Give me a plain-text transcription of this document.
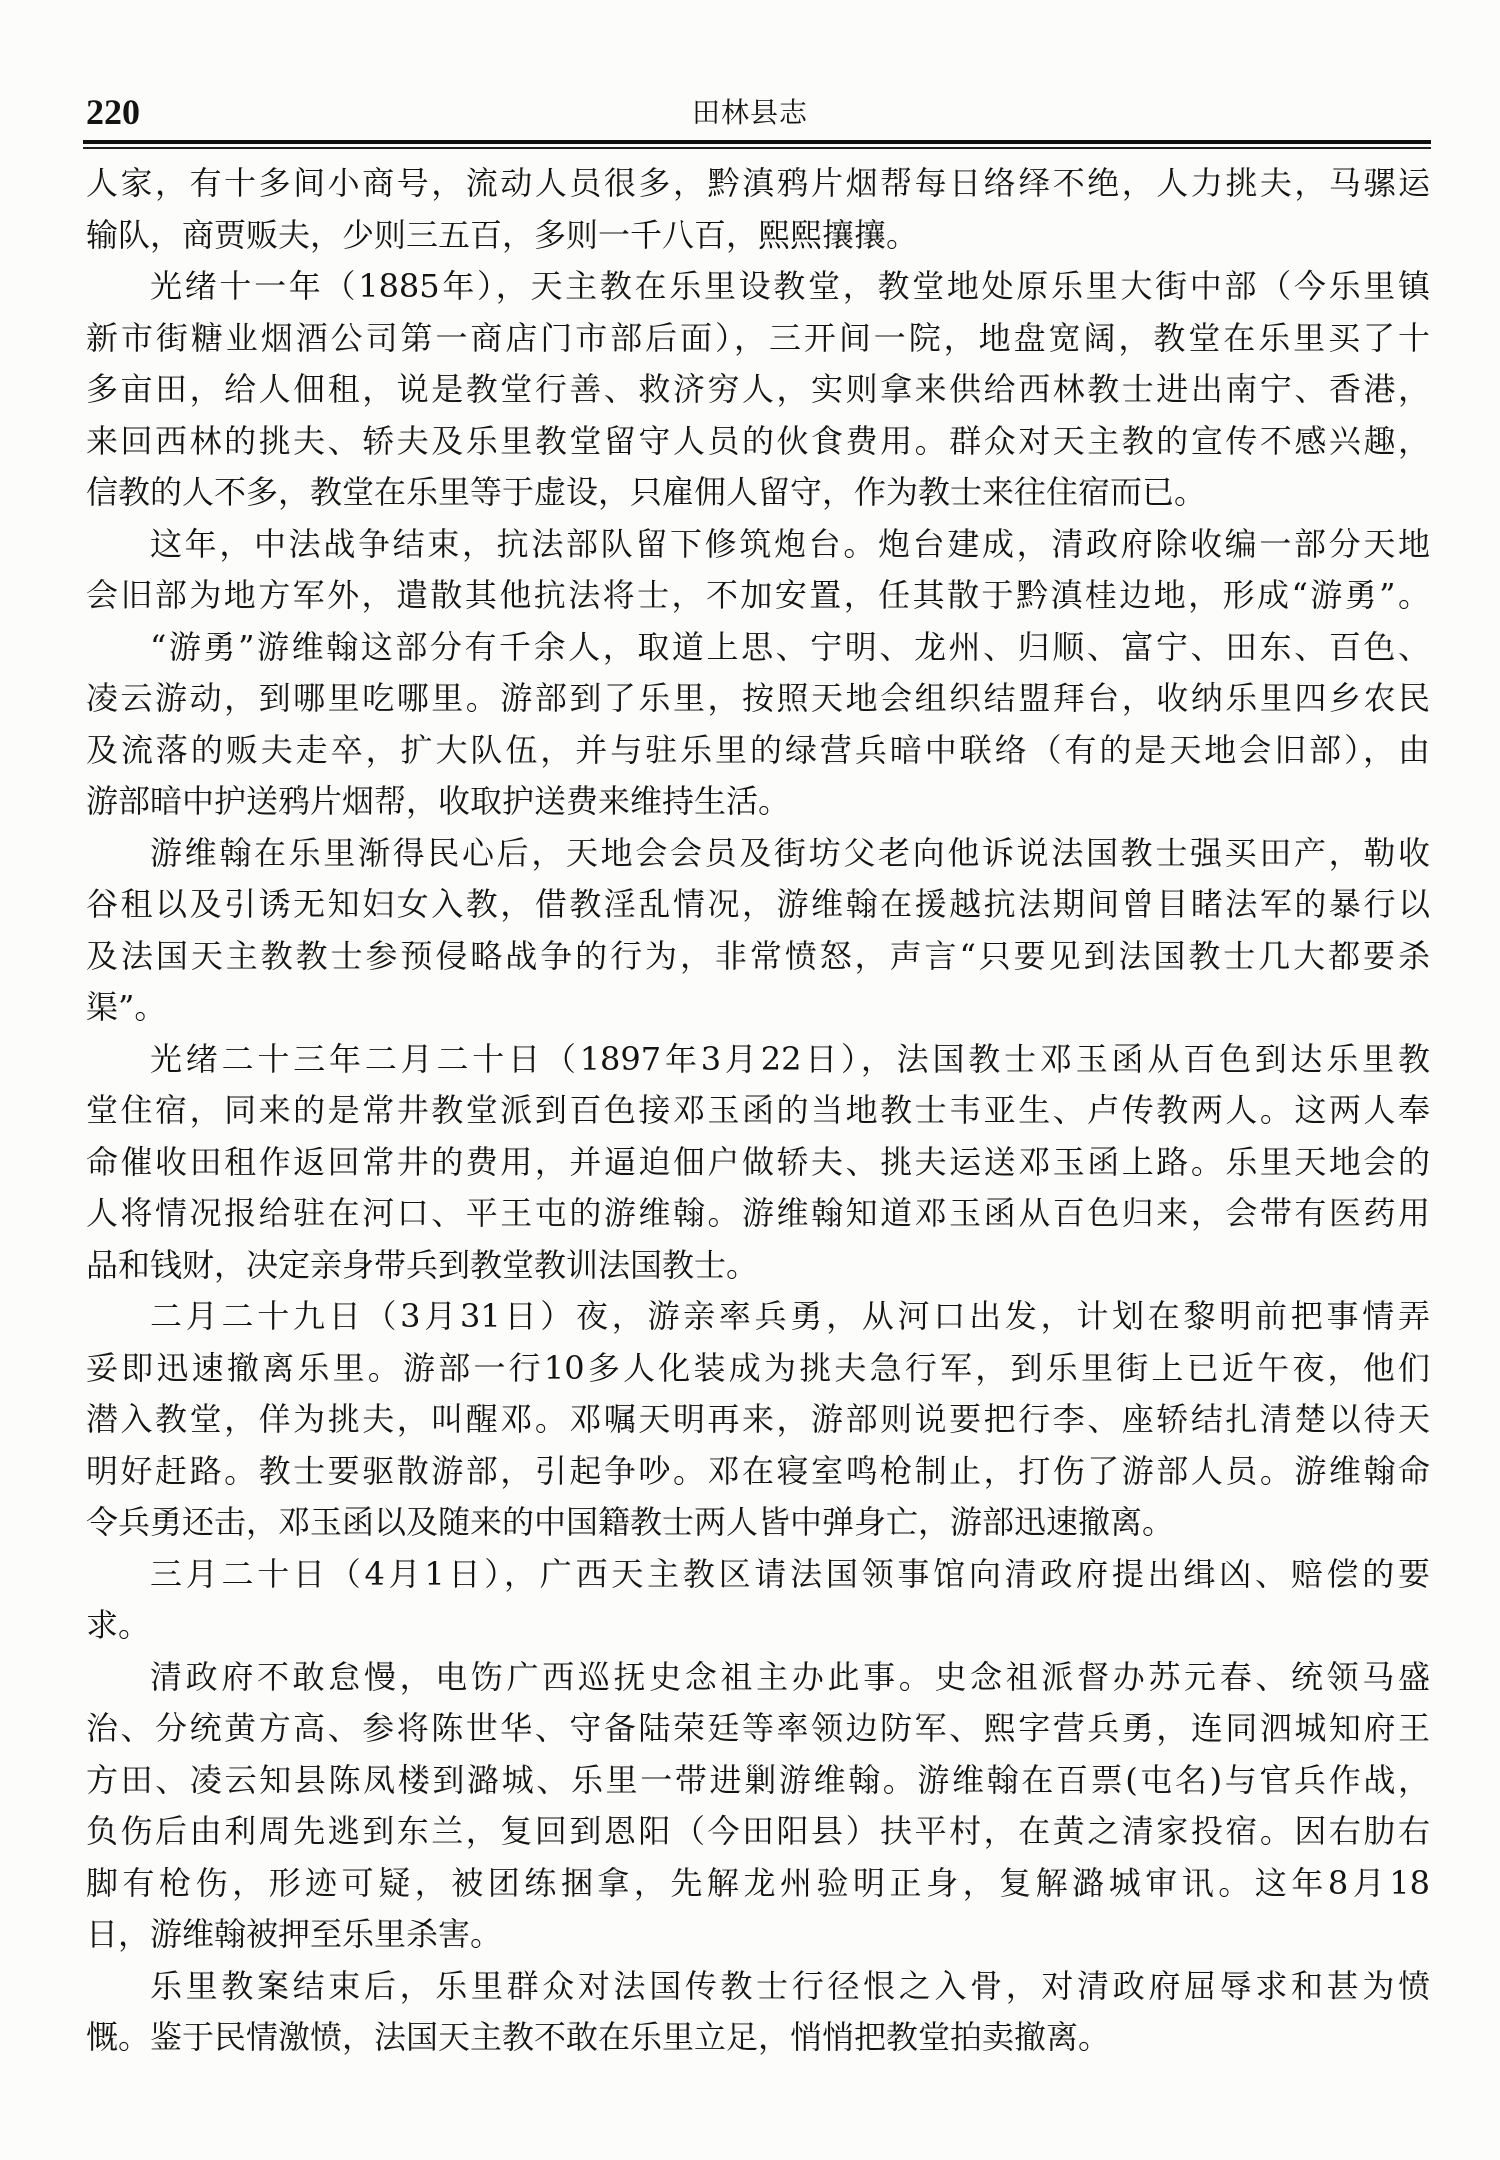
220	田林县志
人家，有十多间小商号，流动人员很多，黔滇鸦片烟帮每日络绎不绝，人力挑夫，马骡运
输队，商贾贩夫，少则三五百，多则一千八百，熙熙攘攘。
光绪十一年（1885年），天主教在乐里设教堂，教堂地处原乐里大街中部（今乐里镇
新市街糖业烟酒公司第一商店门市部后面），三开间一院，地盘宽阔，教堂在乐里买了十
多亩田，给人佃租，说是教堂行善、救济穷人，实则拿来供给西林教士进出南宁、香港，
来回西林的挑夫、轿夫及乐里教堂留守人员的伙食费用。群众对天主教的宣传不感兴趣，
信教的人不多，教堂在乐里等于虚设，只雇佣人留守，作为教士来往住宿而已。
这年，中法战争结束，抗法部队留下修筑炮台。炮台建成，清政府除收编一部分天地
会旧部为地方军外，遣散其他抗法将士，不加安置，任其散于黔滇桂边地，形成“游勇”。
“游勇”游维翰这部分有千余人，取道上思、宁明、龙州、归顺、富宁、田东、百色、
凌云游动，到哪里吃哪里。游部到了乐里，按照天地会组织结盟拜台，收纳乐里四乡农民
及流落的贩夫走卒，扩大队伍，并与驻乐里的绿营兵暗中联络（有的是天地会旧部），由
游部暗中护送鸦片烟帮，收取护送费来维持生活。
游维翰在乐里渐得民心后，天地会会员及街坊父老向他诉说法国教士强买田产，勒收
谷租以及引诱无知妇女入教，借教淫乱情况，游维翰在援越抗法期间曾目睹法军的暴行以
及法国天主教教士参预侵略战争的行为，非常愤怒，声言“只要见到法国教士几大都要杀
渠”。
光绪二十三年二月二十日（1897年3月22日），法国教士邓玉函从百色到达乐里教
堂住宿，同来的是常井教堂派到百色接邓玉函的当地教士韦亚生、卢传教两人。这两人奉
命催收田租作返回常井的费用，并逼迫佃户做轿夫、挑夫运送邓玉函上路。乐里天地会的
人将情况报给驻在河口、平王屯的游维翰。游维翰知道邓玉函从百色归来，会带有医药用
品和钱财，决定亲身带兵到教堂教训法国教士。
二月二十九日（3月31日）夜，游亲率兵勇，从河口出发，计划在黎明前把事情弄
妥即迅速撤离乐里。游部一行10多人化装成为挑夫急行军，到乐里街上已近午夜，他们
潜入教堂，佯为挑夫，叫醒邓。邓嘱天明再来，游部则说要把行李、座轿结扎清楚以待天
明好赶路。教士要驱散游部，引起争吵。邓在寝室鸣枪制止，打伤了游部人员。游维翰命
令兵勇还击，邓玉函以及随来的中国籍教士两人皆中弹身亡，游部迅速撤离。
三月二十日（4月1日），广西天主教区请法国领事馆向清政府提出缉凶、赔偿的要
求。
清政府不敢怠慢，电饬广西巡抚史念祖主办此事。史念祖派督办苏元春、统领马盛
治、分统黄方高、参将陈世华、守备陆荣廷等率领边防军、熙字营兵勇，连同泗城知府王
方田、凌云知县陈凤楼到潞城、乐里一带进剿游维翰。游维翰在百票(屯名)与官兵作战，
负伤后由利周先逃到东兰，复回到恩阳（今田阳县）扶平村，在黄之清家投宿。因右肋右
脚有枪伤，形迹可疑，被团练捆拿，先解龙州验明正身，复解潞城审讯。这年8月18
日，游维翰被押至乐里杀害。
乐里教案结束后，乐里群众对法国传教士行径恨之入骨，对清政府屈辱求和甚为愤
慨。鉴于民情激愤，法国天主教不敢在乐里立足，悄悄把教堂拍卖撤离。
